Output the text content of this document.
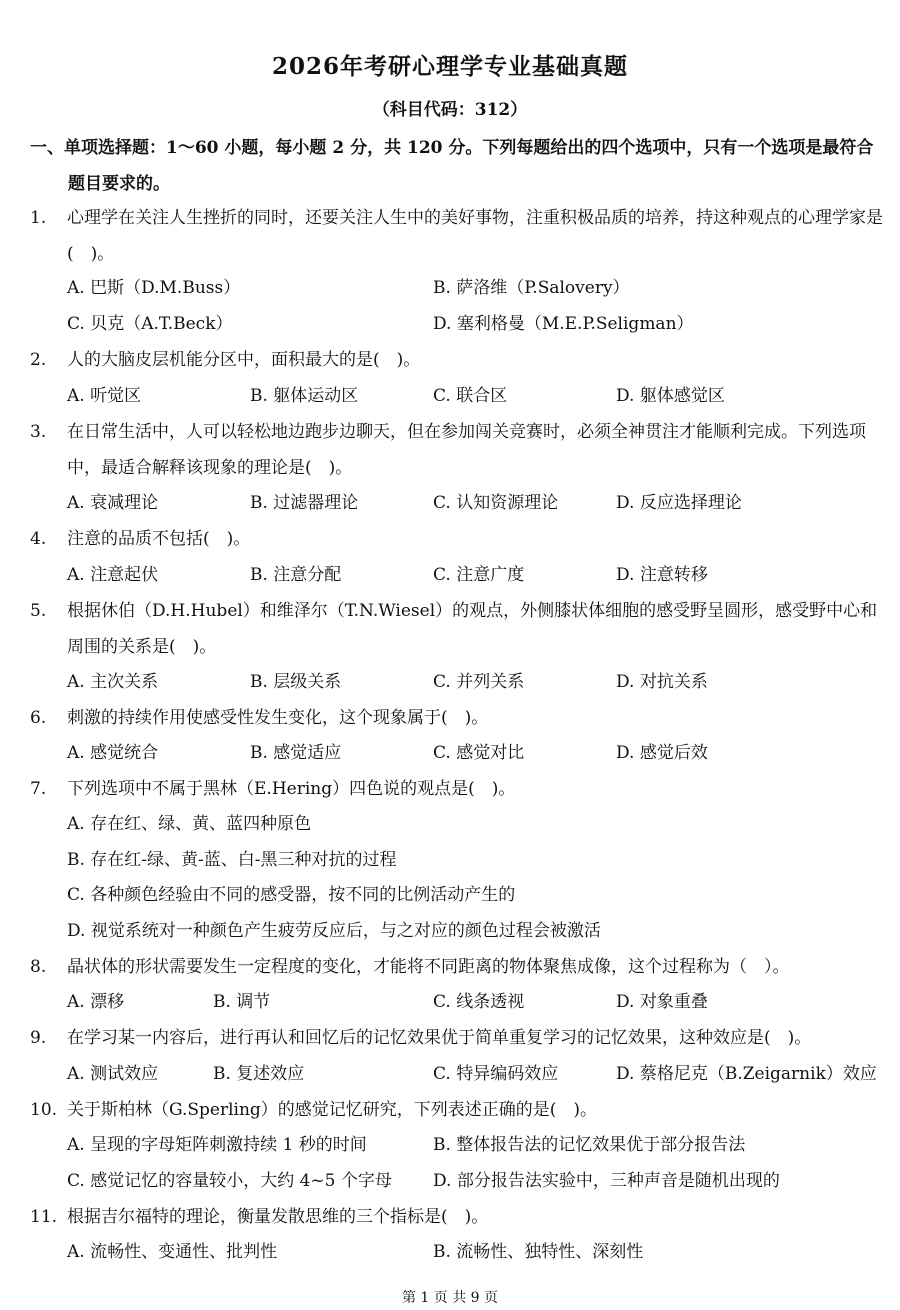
2026年考研心理学专业基础真题
（科目代码：312）
一、单项选择题：1～60 小题，每小题 2 分，共 120 分。下列每题给出的四个选项中，只有一个选项是最符合题目要求的。
1.	心理学在关注人生挫折的同时，还要关注人生中的美好事物，注重积极品质的培养，持这种观点的心理学家是(　)。
A. 巴斯（D.M.Buss）	B. 萨洛维（P.Salovery）
C. 贝克（A.T.Beck）	D. 塞利格曼（M.E.P.Seligman）
2.	人的大脑皮层机能分区中，面积最大的是(　)。
A. 听觉区	B. 躯体运动区	C. 联合区	D. 躯体感觉区
3.	在日常生活中，人可以轻松地边跑步边聊天，但在参加闯关竞赛时，必须全神贯注才能顺利完成。下列选项中，最适合解释该现象的理论是(　)。
A. 衰减理论	B. 过滤器理论	C. 认知资源理论	D. 反应选择理论
4.	注意的品质不包括(　)。
A. 注意起伏	B. 注意分配	C. 注意广度	D. 注意转移
5.	根据休伯（D.H.Hubel）和维泽尔（T.N.Wiesel）的观点，外侧膝状体细胞的感受野呈圆形，感受野中心和周围的关系是(　)。
A. 主次关系	B. 层级关系	C. 并列关系	D. 对抗关系
6.	刺激的持续作用使感受性发生变化，这个现象属于(　)。
A. 感觉统合	B. 感觉适应	C. 感觉对比	D. 感觉后效
7.	下列选项中不属于黑林（E.Hering）四色说的观点是(　)。
A. 存在红、绿、黄、蓝四种原色
B. 存在红-绿、黄-蓝、白-黑三种对抗的过程
C. 各种颜色经验由不同的感受器，按不同的比例活动产生的
D. 视觉系统对一种颜色产生疲劳反应后，与之对应的颜色过程会被激活
8.	晶状体的形状需要发生一定程度的变化，才能将不同距离的物体聚焦成像，这个过程称为（　）。
A. 漂移	B. 调节	C. 线条透视	D. 对象重叠
9.	在学习某一内容后，进行再认和回忆后的记忆效果优于简单重复学习的记忆效果，这种效应是(　)。
A. 测试效应	B. 复述效应	C. 特异编码效应	D. 蔡格尼克（B.Zeigarnik）效应
10. 关于斯柏林（G.Sperling）的感觉记忆研究，下列表述正确的是(　)。
A. 呈现的字母矩阵刺激持续 1 秒的时间	B. 整体报告法的记忆效果优于部分报告法
C. 感觉记忆的容量较小，大约 4~5 个字母 D. 部分报告法实验中，三种声音是随机出现的
11. 根据吉尔福特的理论，衡量发散思维的三个指标是(　)。
A. 流畅性、变通性、批判性	B. 流畅性、独特性、深刻性
第 1 页 共 9 页
